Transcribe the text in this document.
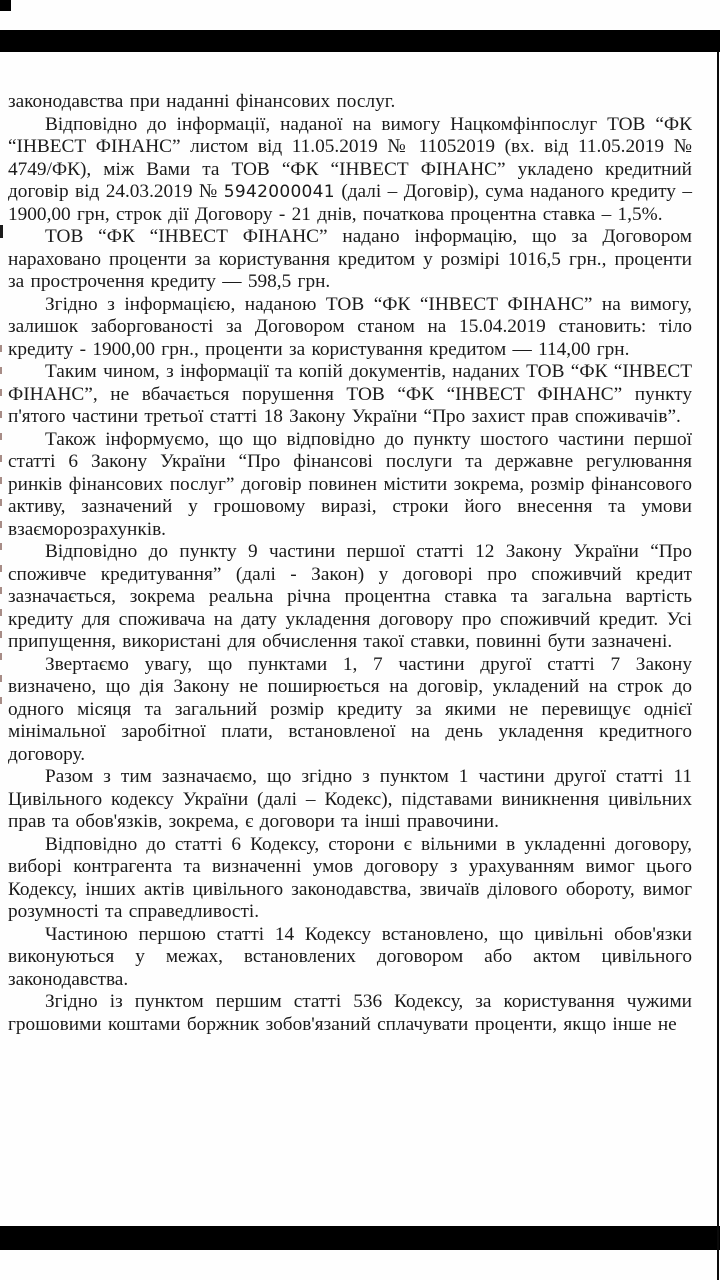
законодавства при наданні фінансових послуг.

Відповідно до інформації, наданої на вимогу Нацкомфінпослуг ТОВ “ФК “ІНВЕСТ ФІНАНС” листом від 11.05.2019 № 11052019 (вх. від 11.05.2019 № 4749/ФК), між Вами та ТОВ “ФК “ІНВЕСТ ФІНАНС” укладено кредитний договір від 24.03.2019 № 5942000041 (далі – Договір), сума наданого кредиту – 1900,00 грн, строк дії Договору - 21 днів, початкова процентна ставка – 1,5%.

ТОВ “ФК “ІНВЕСТ ФІНАНС” надано інформацію, що за Договором нараховано проценти за користування кредитом у розмірі 1016,5 грн., проценти за прострочення кредиту — 598,5 грн.

Згідно з інформацією, наданою ТОВ “ФК “ІНВЕСТ ФІНАНС” на вимогу, залишок заборгованості за Договором станом на 15.04.2019 становить: тіло кредиту - 1900,00 грн., проценти за користування кредитом — 114,00 грн.

Таким чином, з інформації та копій документів, наданих ТОВ “ФК “ІНВЕСТ ФІНАНС”, не вбачається порушення ТОВ “ФК “ІНВЕСТ ФІНАНС” пункту п'ятого частини третьої статті 18 Закону України “Про захист прав споживачів”.

Також інформуємо, що що відповідно до пункту шостого частини першої статті 6 Закону України “Про фінансові послуги та державне регулювання ринків фінансових послуг” договір повинен містити зокрема, розмір фінансового активу, зазначений у грошовому виразі, строки його внесення та умови взаєморозрахунків.

Відповідно до пункту 9 частини першої статті 12 Закону України “Про споживче кредитування” (далі - Закон) у договорі про споживчий кредит зазначається, зокрема реальна річна процентна ставка та загальна вартість кредиту для споживача на дату укладення договору про споживчий кредит. Усі припущення, використані для обчислення такої ставки, повинні бути зазначені.

Звертаємо увагу, що пунктами 1, 7 частини другої статті 7 Закону визначено, що дія Закону не поширюється на договір, укладений на строк до одного місяця та загальний розмір кредиту за якими не перевищує однієї мінімальної заробітної плати, встановленої на день укладення кредитного договору.

Разом з тим зазначаємо, що згідно з пунктом 1 частини другої статті 11 Цивільного кодексу України (далі – Кодекс), підставами виникнення цивільних прав та обов'язків, зокрема, є договори та інші правочини.

Відповідно до статті 6 Кодексу, сторони є вільними в укладенні договору, виборі контрагента та визначенні умов договору з урахуванням вимог цього Кодексу, інших актів цивільного законодавства, звичаїв ділового обороту, вимог розумності та справедливості.

Частиною першою статті 14 Кодексу встановлено, що цивільні обов'язки виконуються у межах, встановлених договором або актом цивільного законодавства.

Згідно із пунктом першим статті 536 Кодексу, за користування чужими грошовими коштами боржник зобов'язаний сплачувати проценти, якщо інше не
